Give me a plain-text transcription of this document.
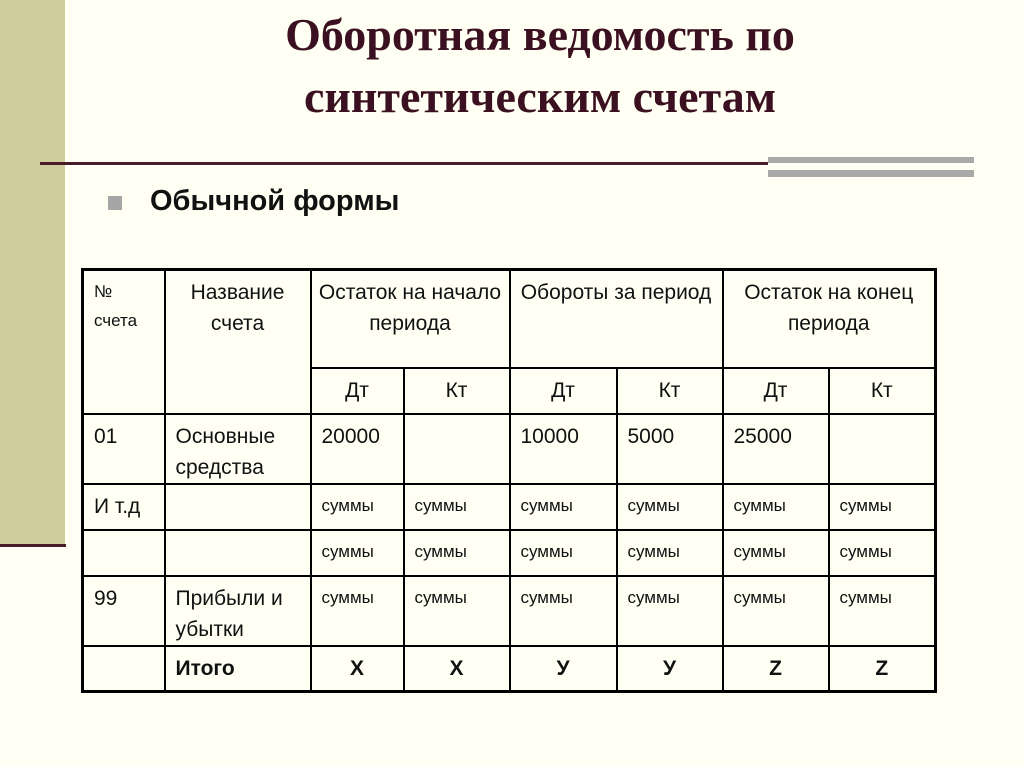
Оборотная ведомость по
синтетическим счетам
Обычной формы
№
счета	Название счета	Остаток на начало периода		Обороты за период		Остаток на конец периода	
		Дт	Кт	Дт	Кт	Дт	Кт
01	Основные средства	20000		10000	5000	25000	
И т.д		суммы	суммы	суммы	суммы	суммы	суммы
		суммы	суммы	суммы	суммы	суммы	суммы
99	Прибыли и убытки	суммы	суммы	суммы	суммы	суммы	суммы
	Итого	X	X	У	У	Z	Z
